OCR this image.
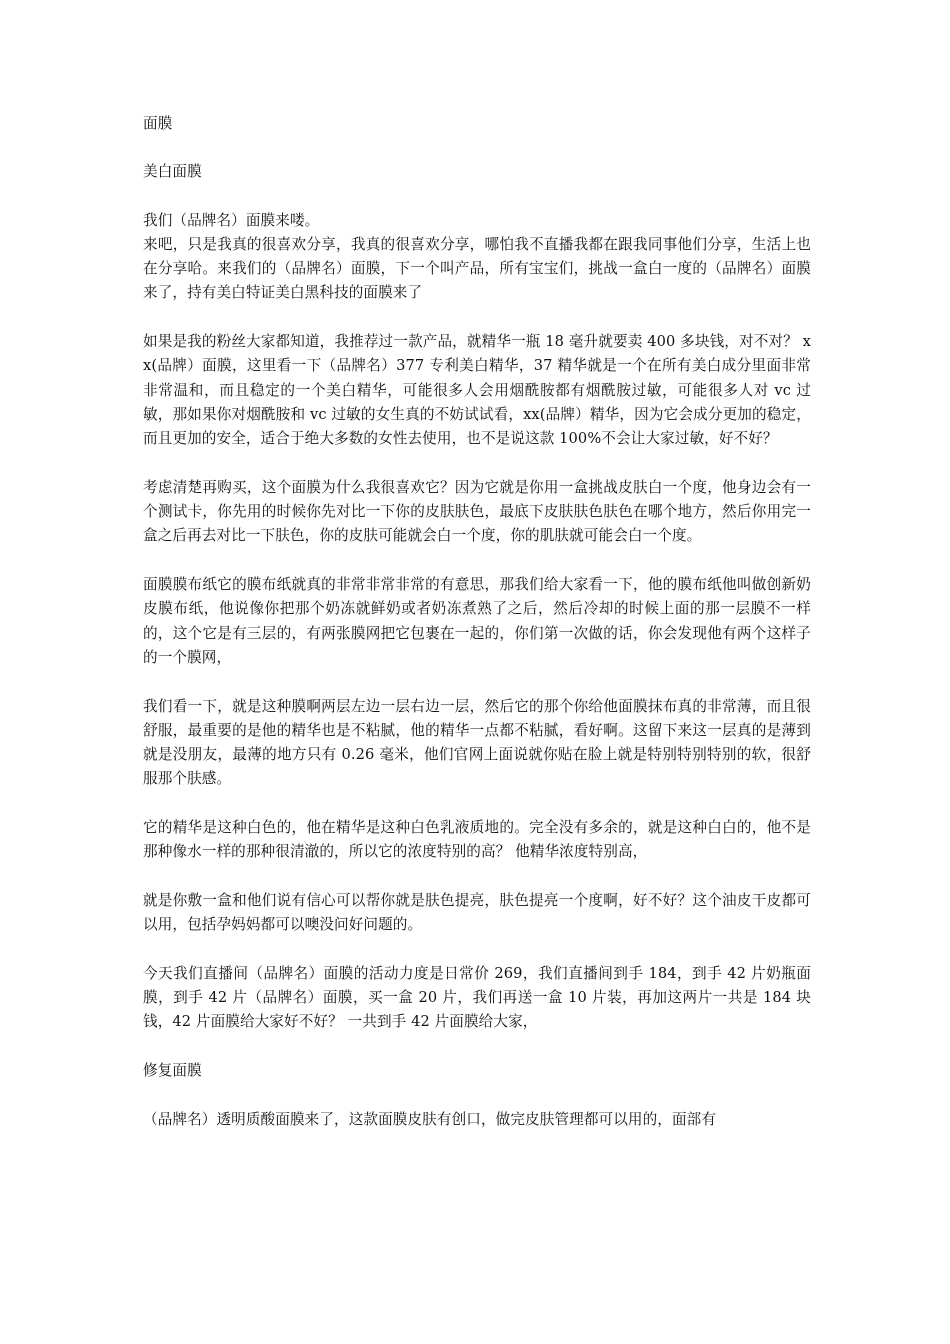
面膜

美白面膜

我们（品牌名）面膜来喽。

来吧，只是我真的很喜欢分享，我真的很喜欢分享，哪怕我不直播我都在跟我同事他们分享，生活上也在分享哈。来我们的（品牌名）面膜，下一个叫产品，所有宝宝们，挑战一盒白一度的（品牌名）面膜来了，持有美白特证美白黑科技的面膜来了

如果是我的粉丝大家都知道，我推荐过一款产品，就精华一瓶 18 毫升就要卖 400 多块钱，对不对？ xx(品牌）面膜，这里看一下（品牌名）377 专利美白精华，37 精华就是一个在所有美白成分里面非常非常温和，而且稳定的一个美白精华，可能很多人会用烟酰胺都有烟酰胺过敏，可能很多人对 vc 过敏，那如果你对烟酰胺和 vc 过敏的女生真的不妨试试看，xx(品牌）精华，因为它会成分更加的稳定，而且更加的安全，适合于绝大多数的女性去使用，也不是说这款 100%不会让大家过敏，好不好？

考虑清楚再购买，这个面膜为什么我很喜欢它？因为它就是你用一盒挑战皮肤白一个度，他身边会有一个测试卡，你先用的时候你先对比一下你的皮肤肤色，最底下皮肤肤色肤色在哪个地方，然后你用完一盒之后再去对比一下肤色，你的皮肤可能就会白一个度，你的肌肤就可能会白一个度。

面膜膜布纸它的膜布纸就真的非常非常非常的有意思，那我们给大家看一下，他的膜布纸他叫做创新奶皮膜布纸，他说像你把那个奶冻就鲜奶或者奶冻煮熟了之后，然后冷却的时候上面的那一层膜不一样的，这个它是有三层的，有两张膜网把它包裹在一起的，你们第一次做的话，你会发现他有两个这样子的一个膜网，

我们看一下，就是这种膜啊两层左边一层右边一层，然后它的那个你给他面膜抹布真的非常薄，而且很舒服，最重要的是他的精华也是不粘腻，他的精华一点都不粘腻，看好啊。这留下来这一层真的是薄到就是没朋友，最薄的地方只有 0.26 毫米，他们官网上面说就你贴在脸上就是特别特别特别的软，很舒服那个肤感。

它的精华是这种白色的，他在精华是这种白色乳液质地的。完全没有多余的，就是这种白白的，他不是那种像水一样的那种很清澈的，所以它的浓度特别的高？ 他精华浓度特别高，

就是你敷一盒和他们说有信心可以帮你就是肤色提亮，肤色提亮一个度啊，好不好？这个油皮干皮都可以用，包括孕妈妈都可以噢没问好问题的。

今天我们直播间（品牌名）面膜的活动力度是日常价 269，我们直播间到手 184，到手 42 片奶瓶面膜，到手 42 片（品牌名）面膜，买一盒 20 片，我们再送一盒 10 片装，再加这两片一共是 184 块钱，42 片面膜给大家好不好？ 一共到手 42 片面膜给大家，

修复面膜

（品牌名）透明质酸面膜来了，这款面膜皮肤有创口，做完皮肤管理都可以用的，面部有
